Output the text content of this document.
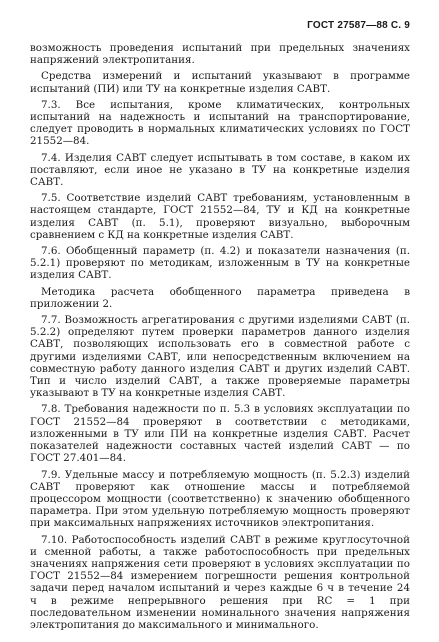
ГОСТ 27587—88 С. 9

возможность проведения испытаний при предельных значениях напряжений электропитания.

Средства измерений и испытаний указывают в программе испытаний (ПИ) или ТУ на конкретные изделия САВТ.

7.3. Все испытания, кроме климатических, контрольных испытаний на надежность и испытаний на транспортирование, следует проводить в нормальных климатических условиях по ГОСТ 21552—84.

7.4. Изделия САВТ следует испытывать в том составе, в каком их поставляют, если иное не указано в ТУ на конкретные изделия САВТ.

7.5. Соответствие изделий САВТ требованиям, установленным в настоящем стандарте, ГОСТ 21552—84, ТУ и КД на конкретные изделия САВТ (п. 5.1), проверяют визуально, выборочным сравнением с КД на конкретные изделия САВТ.

7.6. Обобщенный параметр (п. 4.2) и показатели назначения (п. 5.2.1) проверяют по методикам, изложенным в ТУ на конкретные изделия САВТ.

Методика расчета обобщенного параметра приведена в приложении 2.

7.7. Возможность агрегатирования с другими изделиями САВТ (п. 5.2.2) определяют путем проверки параметров данного изделия САВТ, позволяющих использовать его в совместной работе с другими изделиями САВТ, или непосредственным включением на совместную работу данного изделия САВТ и других изделий САВТ. Тип и число изделий САВТ, а также проверяемые параметры указывают в ТУ на конкретные изделия САВТ.

7.8. Требования надежности по п. 5.3 в условиях эксплуатации по ГОСТ 21552—84 проверяют в соответствии с методиками, изложенными в ТУ или ПИ на конкретные изделия САВТ. Расчет показателей надежности составных частей изделий САВТ — по ГОСТ 27.401—84.

7.9. Удельные массу и потребляемую мощность (п. 5.2.3) изделий САВТ проверяют как отношение массы и потребляемой процессором мощности (соответственно) к значению обобщенного параметра. При этом удельную потребляемую мощность проверяют при максимальных напряжениях источников электропитания.

7.10. Работоспособность изделий САВТ в режиме круглосуточной и сменной работы, а также работоспособность при предельных значениях напряжения сети проверяют в условиях эксплуатации по ГОСТ 21552—84 измерением погрешности решения контрольной задачи перед началом испытаний и через каждые 6 ч в течение 24 ч в режиме непрерывного решения при RC = 1 при последовательном изменении номинального значения напряжения электропитания до максимального и минимального.
